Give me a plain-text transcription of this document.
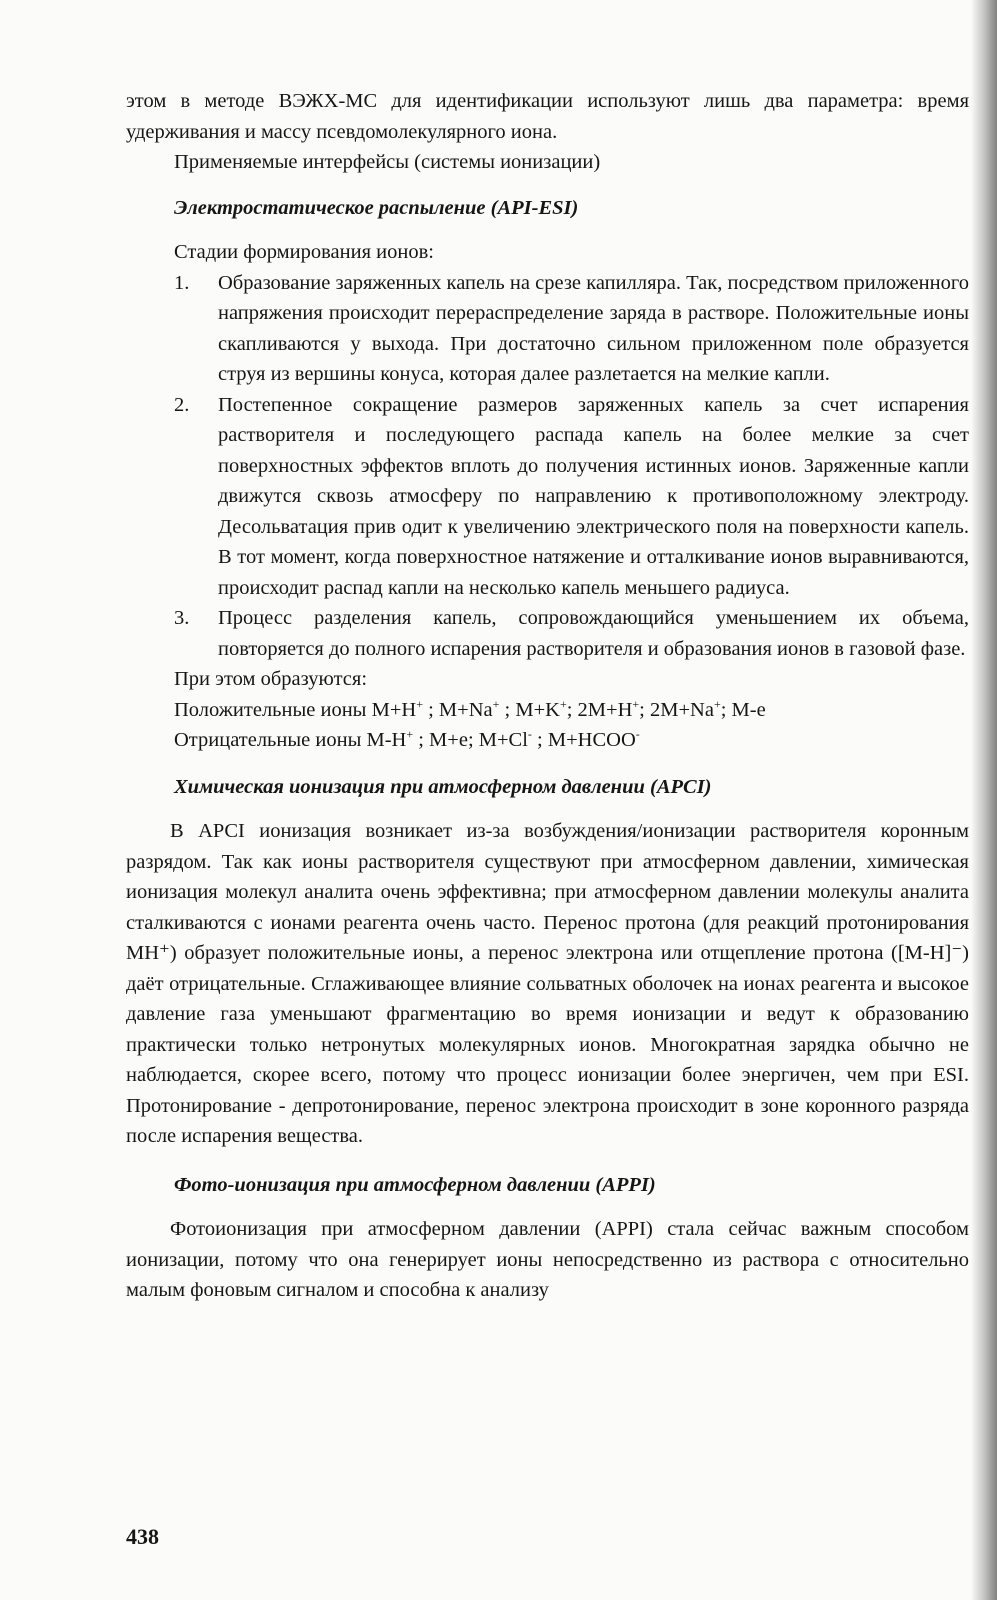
этом в методе ВЭЖХ-МС для идентификации используют лишь два параметра: время удерживания и массу псевдомолекулярного иона.

Применяемые интерфейсы (системы ионизации)

Электростатическое распыление (API-ESI)

Стадии формирования ионов:

1. Образование заряженных капель на срезе капилляра. Так, посредством приложенного напряжения происходит перераспределение заряда в растворе. Положительные ионы скапливаются у выхода. При достаточно сильном приложенном поле образуется струя из вершины конуса, которая далее разлетается на мелкие капли.
2. Постепенное сокращение размеров заряженных капель за счет испарения растворителя и последующего распада капель на более мелкие за счет поверхностных эффектов вплоть до получения истинных ионов. Заряженные капли движутся сквозь атмосферу по направлению к противоположному электроду. Десольватация прив одит к увеличению электрического поля на поверхности капель. В тот момент, когда поверхностное натяжение и отталкивание ионов выравниваются, происходит распад капли на несколько капель меньшего радиуса.
3. Процесс разделения капель, сопровождающийся уменьшением их объема, повторяется до полного испарения растворителя и образования ионов в газовой фазе.

При этом образуются:

Положительные ионы M+H+ ; M+Na+ ; M+K+; 2M+H+; 2M+Na+; M-e

Отрицательные ионы M-H+ ; M+e; M+Cl- ; M+HCOO-

Химическая ионизация при атмосферном давлении (APCI)

В APCI ионизация возникает из-за возбуждения/ионизации растворителя коронным разрядом. Так как ионы растворителя существуют при атмосферном давлении, химическая ионизация молекул аналита очень эффективна; при атмосферном давлении молекулы аналита сталкиваются с ионами реагента очень часто. Перенос протона (для реакций протонирования MH⁺) образует положительные ионы, а перенос электрона или отщепление протона ([M-H]⁻) даёт отрицательные. Сглаживающее влияние сольватных оболочек на ионах реагента и высокое давление газа уменьшают фрагментацию во время ионизации и ведут к образованию практически только нетронутых молекулярных ионов. Многократная зарядка обычно не наблюдается, скорее всего, потому что процесс ионизации более энергичен, чем при ESI. Протонирование - депротонирование, перенос электрона происходит в зоне коронного разряда после испарения вещества.

Фото-ионизация при атмосферном давлении (APPI)

Фотоионизация при атмосферном давлении (APPI) стала сейчас важным способом ионизации, потому что она генерирует ионы непосредственно из раствора с относительно малым фоновым сигналом и способна к анализу

438
